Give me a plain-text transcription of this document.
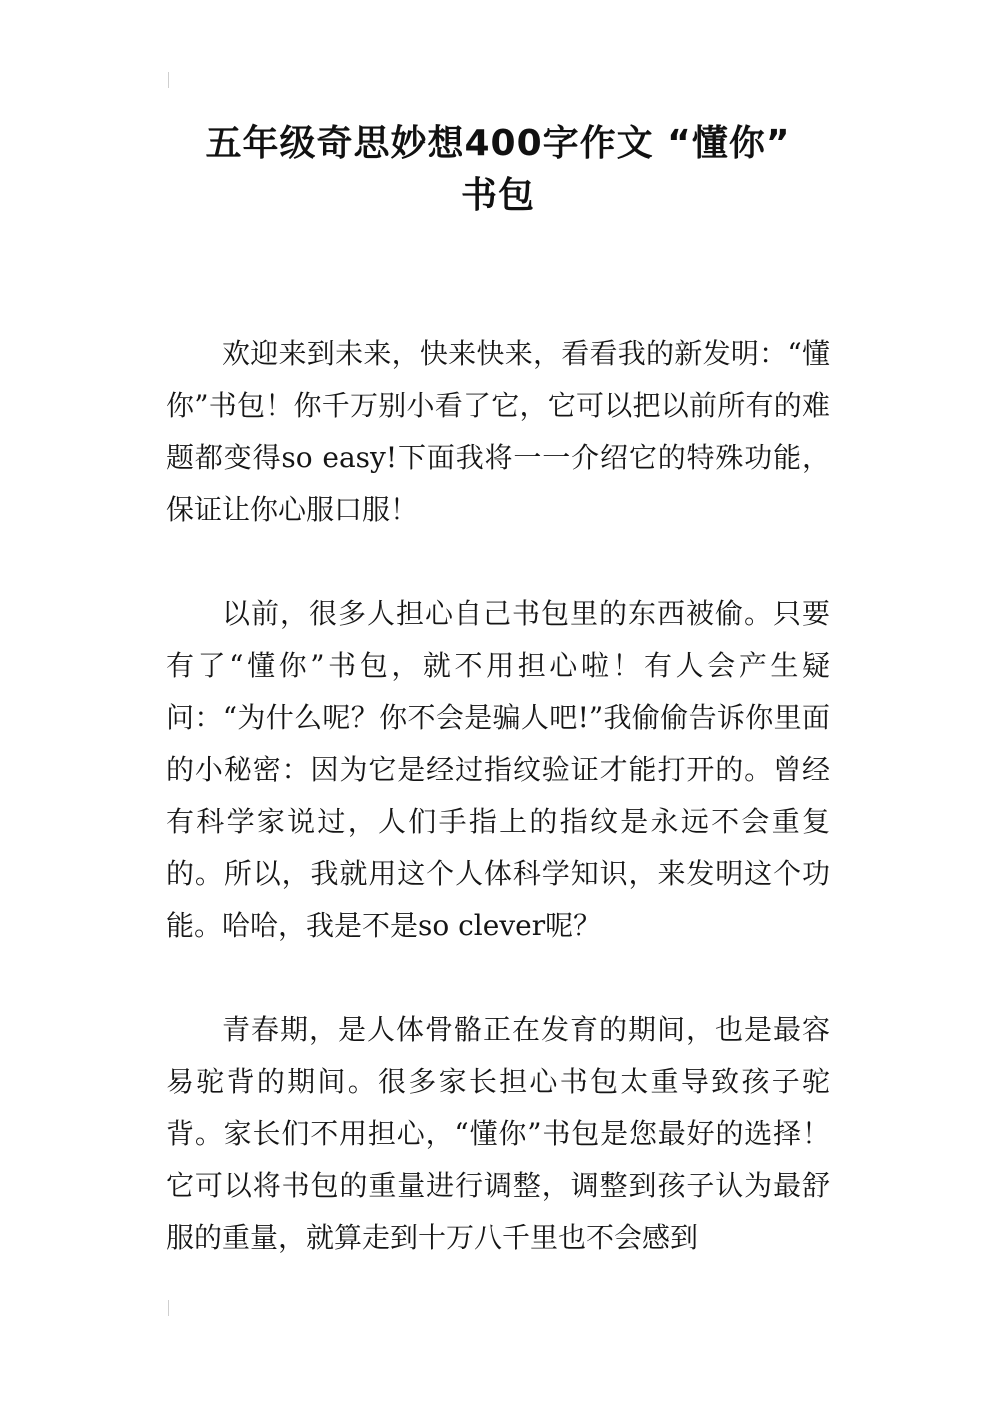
五年级奇思妙想400字作文 “懂你”
书包

欢迎来到未来，快来快来，看看我的新发明：“懂你”书包！你千万别小看了它，它可以把以前所有的难题都变得so easy!下面我将一一介绍它的特殊功能，保证让你心服口服！

以前，很多人担心自己书包里的东西被偷。只要有了“懂你”书包，就不用担心啦！有人会产生疑问：“为什么呢？你不会是骗人吧!”我偷偷告诉你里面的小秘密：因为它是经过指纹验证才能打开的。曾经有科学家说过，人们手指上的指纹是永远不会重复的。所以，我就用这个人体科学知识，来发明这个功能。哈哈，我是不是so clever呢？

青春期，是人体骨骼正在发育的期间，也是最容易驼背的期间。很多家长担心书包太重导致孩子驼背。家长们不用担心，“懂你”书包是您最好的选择！它可以将书包的重量进行调整，调整到孩子认为最舒服的重量，就算走到十万八千里也不会感到
